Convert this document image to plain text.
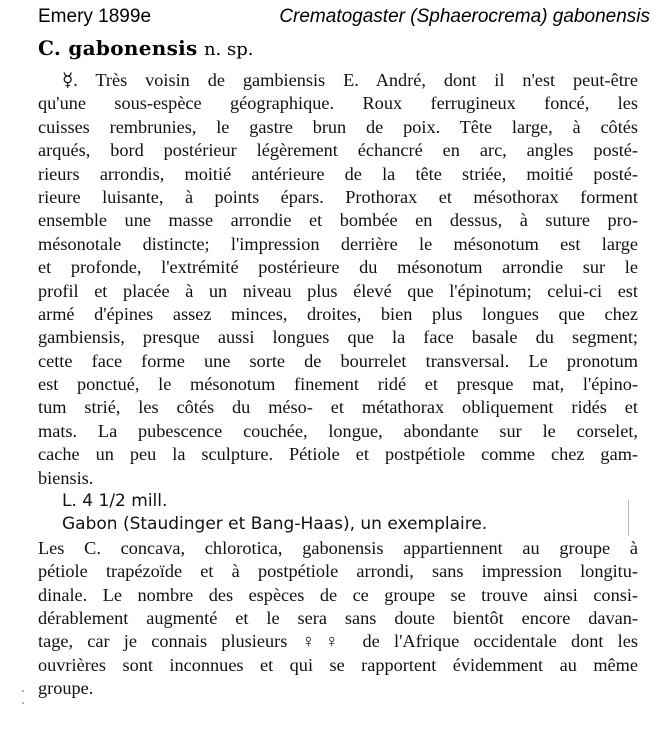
Emery 1899e	Crematogaster (Sphaerocrema) gabonensis
C. gabonensis n. sp.
☿. Très voisin de gambiensis E. André, dont il n'est peut-être
qu'une sous-espèce géographique. Roux ferrugineux foncé, les
cuisses rembrunies, le gastre brun de poix. Tête large, à côtés
arqués, bord postérieur légèrement échancré en arc, angles posté-
rieurs arrondis, moitié antérieure de la tête striée, moitié posté-
rieure luisante, à points épars. Prothorax et mésothorax forment
ensemble une masse arrondie et bombée en dessus, à suture pro-
mésonotale distincte; l'impression derrière le mésonotum est large
et profonde, l'extrémité postérieure du mésonotum arrondie sur le
profil et placée à un niveau plus élevé que l'épinotum; celui-ci est
armé d'épines assez minces, droites, bien plus longues que chez
gambiensis, presque aussi longues que la face basale du segment;
cette face forme une sorte de bourrelet transversal. Le pronotum
est ponctué, le mésonotum finement ridé et presque mat, l'épino-
tum strié, les côtés du méso- et métathorax obliquement ridés et
mats. La pubescence couchée, longue, abondante sur le corselet,
cache un peu la sculpture. Pétiole et postpétiole comme chez gam-
biensis.
L. 4 1/2 mill.
Gabon (Staudinger et Bang-Haas), un exemplaire.
Les C. concava, chlorotica, gabonensis appartiennent au groupe à
pétiole trapézoïde et à postpétiole arrondi, sans impression longitu-
dinale. Le nombre des espèces de ce groupe se trouve ainsi consi-
dérablement augmenté et le sera sans doute bientôt encore davan-
tage, car je connais plusieurs ♀♀ de l'Afrique occidentale dont les
ouvrières sont inconnues et qui se rapportent évidemment au même
groupe.
